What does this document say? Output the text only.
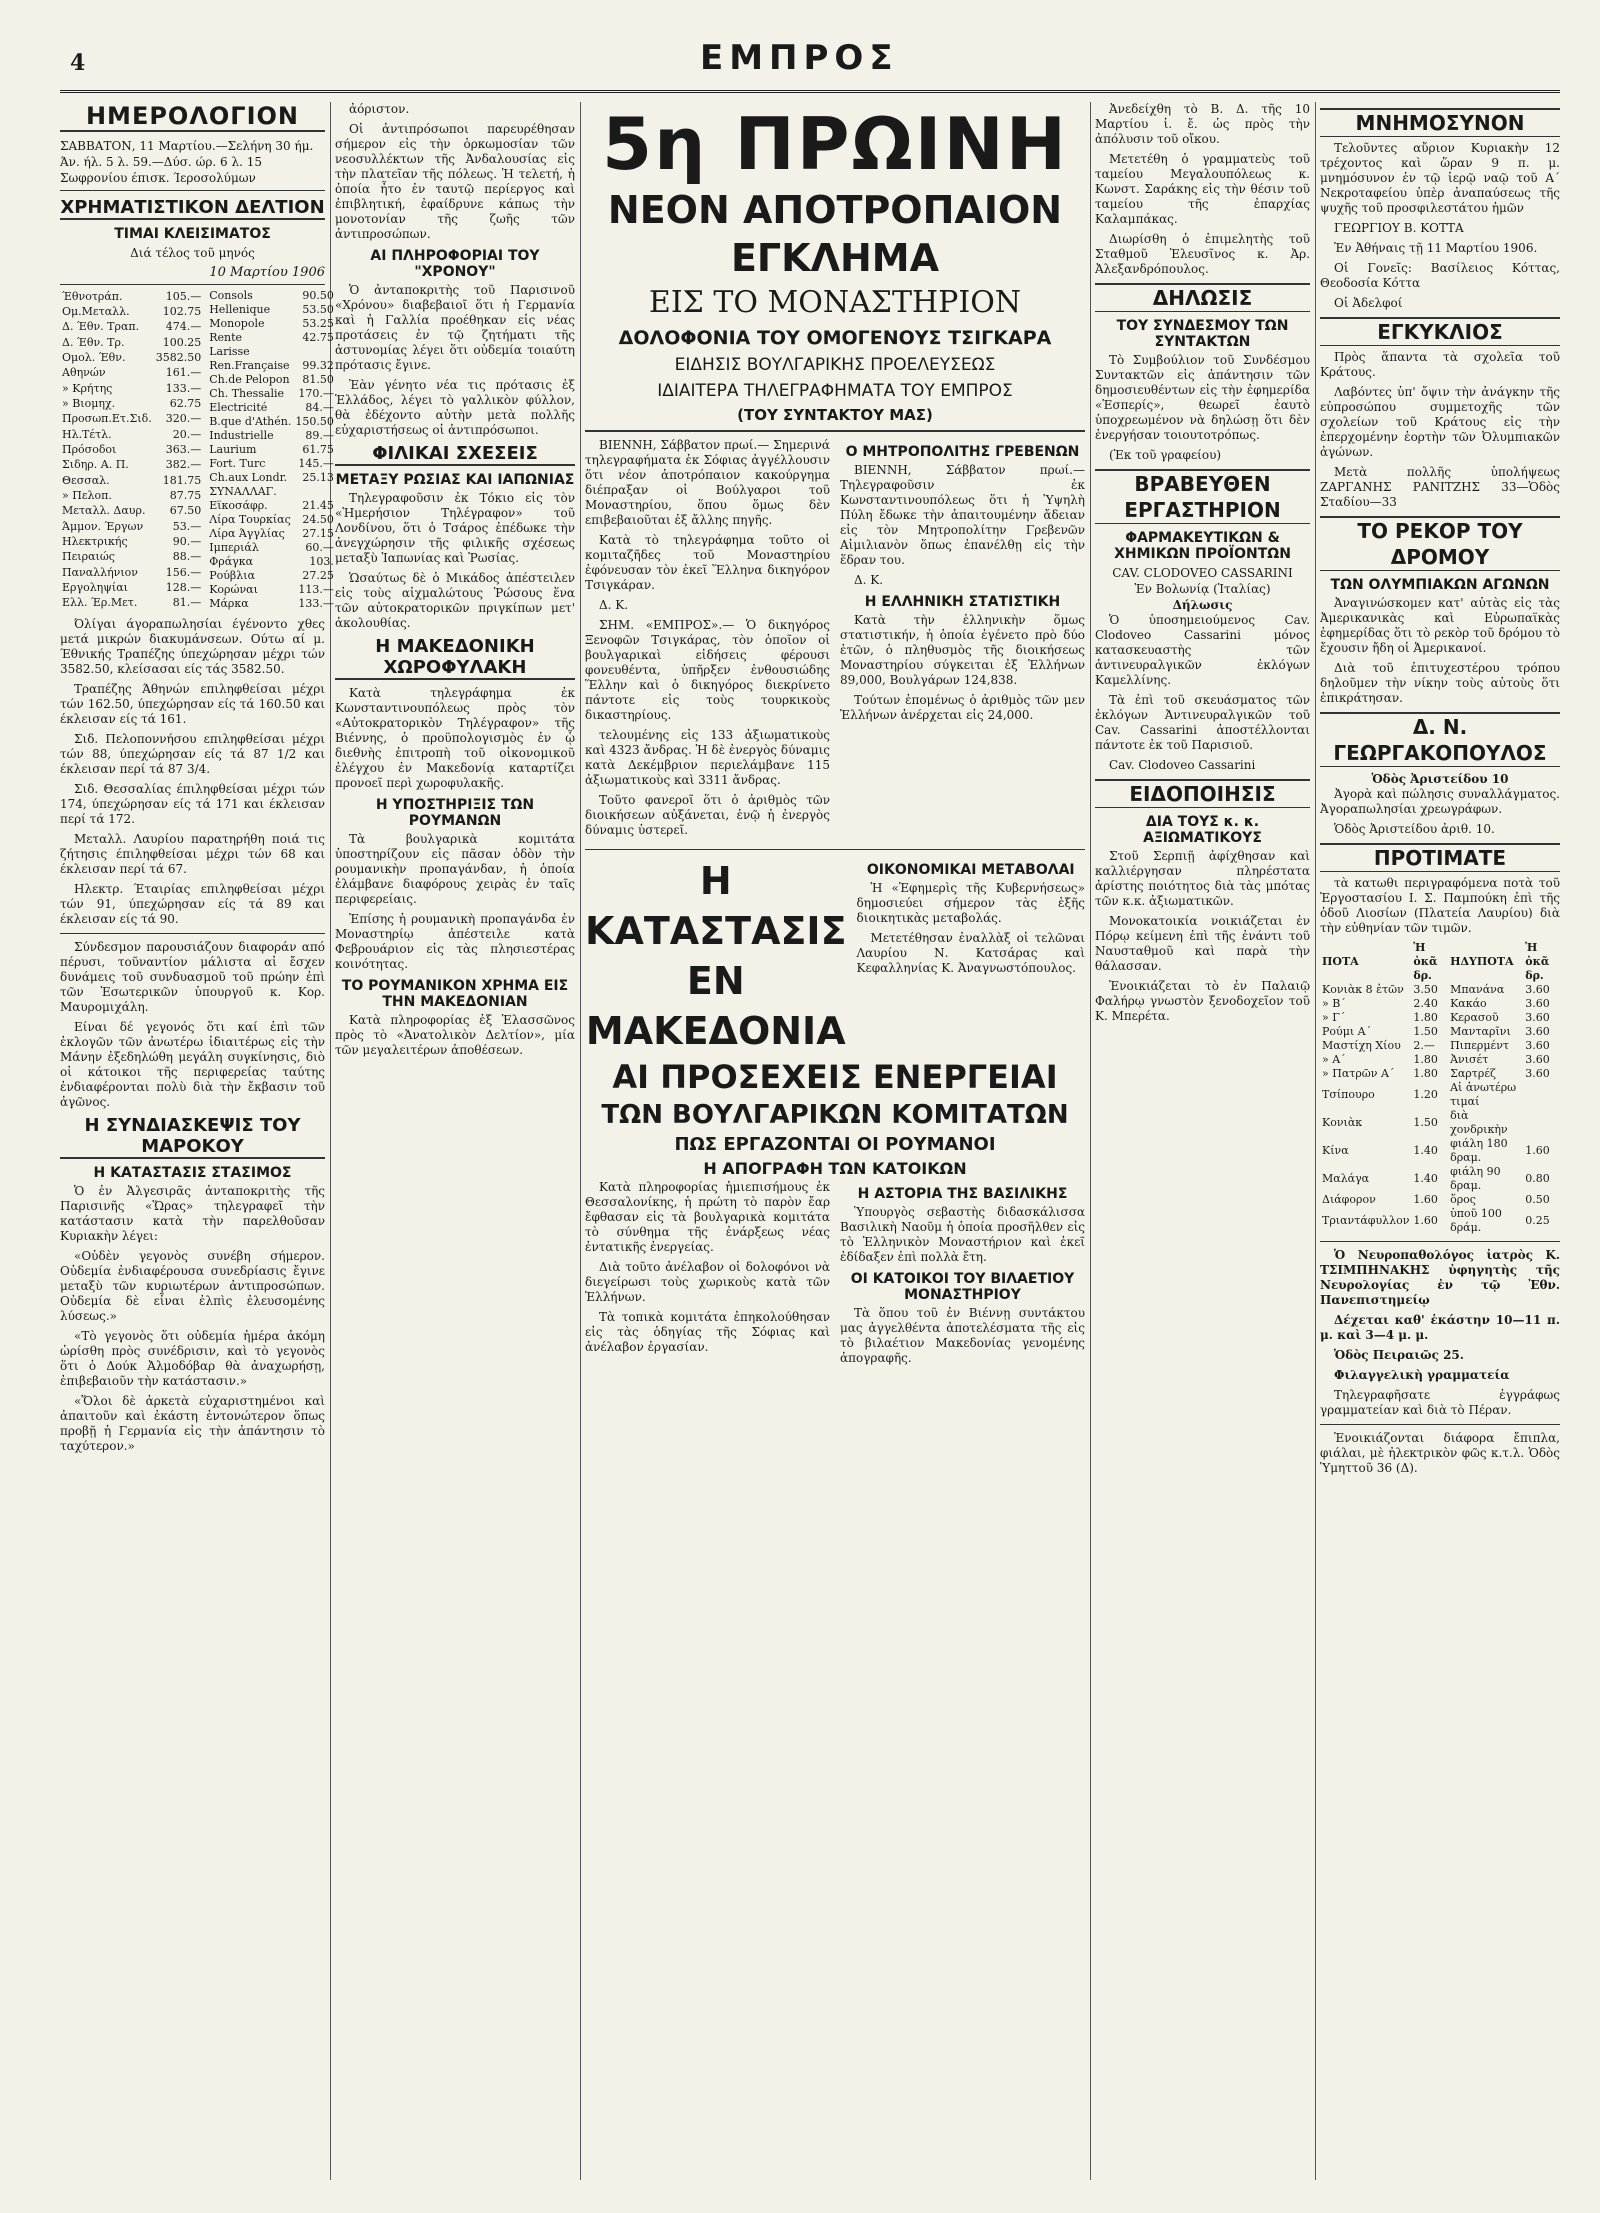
4	ΕΜΠΡΟΣ
ΗΜΕΡΟΛΟΓΙΟΝ
ΣΑΒΒΑΤΟΝ, 11 Μαρτίου.—Σελήνη 30 ήμ.
Άν. ήλ. 5 λ. 59.—Δύσ. ώρ. 6 λ. 15
Σωφρονίου έπισκ. Ίεροσολύμων
ΧΡΗΜΑΤΙΣΤΙΚΟΝ ΔΕΛΤΙΟΝ
ΤΙΜΑΙ ΚΛΕΙΣΙΜΑΤΟΣ
Διά τέλος τοῦ μηνός
10 Μαρτίου 1906
Έθνοτράπ.	105.—
Ομ.Μεταλλ.	102.75
Δ. Έθν. Τραπ.	474.—
Δ. Έθν. Τρ.	100.25
Ομολ. Έθν.	3582.50
Αθηνών	161.—
» Κρήτης	133.—
» Βιομηχ.	62.75
Προσωπ.Ετ.Σιδ.	320.—
Ηλ.Τέτλ.	20.—
Πρόσοδοι	363.—
Σιδηρ. Α. Π.	382.—
Θεσσαλ.	181.75
» Πελοπ.	87.75
Μεταλλ. Δαυρ.	67.50
Άμμον. Έργων	53.—
Ηλεκτρικής	90.—
Πειραιώς	88.—
Παναλλήνιον	156.—
Εργοληψίαι	128.—
Ελλ. Έρ.Μετ.	81.—
Consols	90.50
Hellenique	53.50
Monopole	53.25
Rente	42.75
Larisse	
Ren.Française	99.32
Ch.de Pelopon	81.50
Ch. Thessalie	170.—
Electricité	84.—
B.que d'Athén.	150.50
Industrielle	89.—
Laurium	61.75
Fort. Turc	145.—
Ch.aux Londr.	25.13
ΣΥΝΑΛΛΑΓ.	
Εϊκοσάφρ.	21.45
Λίρα Τουρκίας	24.50
Λίρα Άγγλίας	27.15
Ιμπεριάλ	60.—
Φράγκα	103.
Ρούβλια	27.25
Κορώναι	113.—
Μάρκα	133.—

Όλίγαι άγοραπωλησίαι έγένοντο χθες μετά μικρών διακυμάνσεων. Ούτω αί μ. Έθνικής Τραπέζης ύπεχώρησαν μέχρι τών 3582.50, κλείσασαι είς τάς 3582.50.

Τραπέζης Άθηνών επιληφθείσαι μέχρι τών 162.50, ύπεχώρησαν είς τά 160.50 και έκλεισαν είς τά 161.

Σιδ. Πελοποννήσου επιληφθείσαι μέχρι τών 88, ύπεχώρησαν είς τά 87 1/2 και έκλεισαν περί τά 87 3/4.

Σιδ. Θεσσαλίας έπιληφθείσαι μέχρι τών 174, ύπεχώρησαν είς τά 171 και έκλεισαν περί τά 172.

Μεταλλ. Λαυρίου παρατηρήθη ποιά τις ζήτησις έπιληφθείσαι μέχρι τών 68 και έκλεισαν περί τά 67.

Ηλεκτρ. Έταιρίας επιληφθείσαι μέχρι τών 91, ύπεχώρησαν είς τά 89 και έκλεισαν είς τά 90.

Σύνδεσμον παρουσιάζουν διαφοράν από πέρυσι, τοῦναντίον μάλιστα αἱ ἔσχεν δυνάμεις τοῦ συνδυασμοῦ τοῦ πρώην ἐπὶ τῶν Ἐσωτερικῶν ὑπουργοῦ κ. Κορ. Μαυρομιχάλη.

Είναι δέ γεγονός ὅτι καί ἐπὶ τῶν ἐκλογῶν τῶν ἀνωτέρω ἰδιαιτέρως εἰς τὴν Μάνην ἐξεδηλώθη μεγάλη συγκίνησις, διὸ οἱ κάτοικοι τῆς περιφερείας ταύτης ἐνδιαφέρονται πολὺ διὰ τὴν ἔκβασιν τοῦ ἀγῶνος.

Η ΣΥΝΔΙΑΣΚΕΨΙΣ ΤΟΥ ΜΑΡΟΚΟΥ
Η ΚΑΤΑΣΤΑΣΙΣ ΣΤΑΣΙΜΟΣ

Ὁ ἐν Ἀλγεσιρᾶς ἀνταποκριτὴς τῆς Παρισινῆς «Ὥρας» τηλεγραφεῖ τὴν κατάστασιν κατὰ τὴν παρελθοῦσαν Κυριακὴν λέγει:

«Οὐδὲν γεγονὸς συνέβη σήμερον. Οὐδεμία ἐνδιαφέρουσα συνεδρίασις ἔγινε μεταξὺ τῶν κυριωτέρων ἀντιπροσώπων. Οὐδεμία δὲ εἶναι ἐλπὶς ἐλευσομένης λύσεως.»

«Τὸ γεγονὸς ὅτι οὐδεμία ἡμέρα ἀκόμη ὡρίσθη πρὸς συνέδρισιν, καὶ τὸ γεγονὸς ὅτι ὁ Δούκ Ἀλμοδόβαρ θὰ ἀναχωρήσῃ, ἐπιβεβαιοῦν τὴν κατάστασιν.»

«Ὅλοι δὲ ἀρκετὰ εὐχαριστημένοι καὶ ἀπαιτοῦν καὶ ἐκάστη ἐντονώτερον ὅπως προβῇ ἡ Γερμανία εἰς τὴν ἀπάντησιν τὸ ταχύτερον.»

ἀόριστον.

Οἱ ἀντιπρόσωποι παρευρέθησαν σήμερον εἰς τὴν ὁρκωμοσίαν τῶν νεοσυλλέκτων τῆς Ἀνδαλουσίας εἰς τὴν πλατεῖαν τῆς πόλεως. Ἡ τελετή, ἡ ὁποία ἦτο ἐν ταυτῷ περίεργος καὶ ἐπιβλητική, ἐφαίδρυνε κάπως τὴν μονοτονίαν τῆς ζωῆς τῶν ἀντιπροσώπων.

ΑΙ ΠΛΗΡΟΦΟΡΙΑΙ ΤΟΥ "ΧΡΟΝΟΥ"

Ὁ ἀνταποκριτὴς τοῦ Παρισινοῦ «Χρόνου» διαβεβαιοῖ ὅτι ἡ Γερμανία καὶ ἡ Γαλλία προέθηκαν εἰς νέας προτάσεις ἐν τῷ ζητήματι τῆς ἀστυνομίας λέγει ὅτι οὐδεμία τοιαύτη πρότασις ἔγινε.

Ἐὰν γένητο νέα τις πρότασις ἐξ Ἑλλάδος, λέγει τὸ γαλλικὸν φύλλον, θὰ ἐδέχοντο αὐτὴν μετὰ πολλῆς εὐχαριστήσεως οἱ ἀντιπρόσωποι.

ΦΙΛΙΚΑΙ ΣΧΕΣΕΙΣ
ΜΕΤΑΞΥ ΡΩΣΙΑΣ ΚΑΙ ΙΑΠΩΝΙΑΣ

Τηλεγραφοῦσιν ἐκ Τόκιο εἰς τὸν «Ἡμερήσιον Τηλέγραφον» τοῦ Λονδίνου, ὅτι ὁ Τσάρος ἐπέδωκε τὴν ἀνεγχώρησιν τῆς φιλικῆς σχέσεως μεταξὺ Ἰαπωνίας καὶ Ῥωσίας.

Ὡσαύτως δὲ ὁ Μικάδος ἀπέστειλεν εἰς τοὺς αἰχμαλώτους Ῥώσους ἕνα τῶν αὐτοκρατορικῶν πριγκίπων μετ' ἀκολουθίας.

Η ΜΑΚΕΔΟΝΙΚΗ ΧΩΡΟΦΥΛΑΚΗ

Κατὰ τηλεγράφημα ἐκ Κωνσταντινουπόλεως πρὸς τὸν «Αὐτοκρατορικὸν Τηλέγραφον» τῆς Βιέννης, ὁ προϋπολογισμὸς ἐν ᾧ διεθνὴς ἐπιτροπὴ τοῦ οἰκονομικοῦ ἐλέγχου ἐν Μακεδονίᾳ καταρτίζει προνοεῖ περὶ χωροφυλακῆς.

Η ΥΠΟΣΤΗΡΙΞΙΣ ΤΩΝ ΡΟΥΜΑΝΩΝ

Τὰ βουλγαρικὰ κομιτάτα ὑποστηρίζουν εἰς πᾶσαν ὁδὸν τὴν ρουμανικὴν προπαγάνδαν, ἡ ὁποία ἐλάμβανε διαφόρους χειρὰς ἐν ταῖς περιφερείαις.

Ἐπίσης ἡ ρουμανικὴ προπαγάνδα ἐν Μοναστηρίῳ ἀπέστειλε κατὰ Φεβρουάριον εἰς τὰς πλησιεστέρας κοινότητας.

ΤΟ ΡΟΥΜΑΝΙΚΟΝ ΧΡΗΜΑ ΕΙΣ ΤΗΝ ΜΑΚΕΔΟΝΙΑΝ

Κατὰ πληροφορίας ἐξ Ἑλασσῶνος πρὸς τὸ «Ἀνατολικὸν Δελτίον», μία τῶν μεγαλειτέρων ἀποθέσεων.

5η ΠΡΩΙΝΗ
ΝΕΟΝ ΑΠΟΤΡΟΠΑΙΟΝ ΕΓΚΛΗΜΑ
ΕΙΣ ΤΟ ΜΟΝΑΣΤΗΡΙΟΝ
ΔΟΛΟΦΟΝΙΑ ΤΟΥ ΟΜΟΓΕΝΟΥΣ ΤΣΙΓΚΑΡΑ
ΕΙΔΗΣΙΣ ΒΟΥΛΓΑΡΙΚΗΣ ΠΡΟΕΛΕΥΣΕΩΣ
ΙΔΙΑΙΤΕΡΑ ΤΗΛΕΓΡΑΦΗΜΑΤΑ ΤΟΥ ΕΜΠΡΟΣ
(ΤΟΥ ΣΥΝΤΑΚΤΟΥ ΜΑΣ)

ΒΙΕΝΝΗ, Σάββατον πρωί.— Σημερινά τηλεγραφήματα ἐκ Σόφιας ἀγγέλλουσιν ὅτι νέον ἀποτρόπαιον κακούργημα διέπραξαν οἱ Βούλγαροι τοῦ Μοναστηρίου, ὅπου ὅμως δὲν επιβεβαιοῦται ἐξ ἄλλης πηγῆς.

Κατὰ τὸ τηλεγράφημα τοῦτο οἱ κομιταζῆδες τοῦ Μοναστηρίου ἐφόνευσαν τὸν ἐκεῖ Ἕλληνα δικηγόρον Τσιγκάραν.

Δ. Κ.

ΣΗΜ. «ΕΜΠΡΟΣ».— Ὁ δικηγόρος Ξενοφῶν Τσιγκάρας, τὸν ὁποῖον οἱ βουλγαρικαὶ εἰδήσεις φέρουσι φονευθέντα, ὑπῆρξεν ἐνθουσιώδης Ἕλλην καὶ ὁ δικηγόρος διεκρίνετο πάντοτε εἰς τοὺς τουρκικοὺς δικαστηρίους.

τελουμένης εἰς 133 ἀξιωματικοὺς καὶ 4323 ἄνδρας. Ἡ δὲ ἐνεργὸς δύναμις κατὰ Δεκέμβριον περιελάμβανε 115 ἀξιωματικοὺς καὶ 3311 ἄνδρας.

Τοῦτο φανεροῖ ὅτι ὁ ἀριθμὸς τῶν διοικήσεων αὐξάνεται, ἐνῷ ἡ ἐνεργὸς δύναμις ὑστερεῖ.

Ο ΜΗΤΡΟΠΟΛΙΤΗΣ ΓΡΕΒΕΝΩΝ

ΒΙΕΝΝΗ, Σάββατον πρωί.— Τηλεγραφοῦσιν ἐκ Κωνσταντινουπόλεως ὅτι ἡ Ὑψηλὴ Πύλη ἔδωκε τὴν ἀπαιτουμένην ἄδειαν εἰς τὸν Μητροπολίτην Γρεβενῶν Αἰμιλιανὸν ὅπως ἐπανέλθῃ εἰς τὴν ἕδραν του.

Δ. Κ.

Η ΕΛΛΗΝΙΚΗ ΣΤΑΤΙΣΤΙΚΗ

Κατὰ τὴν ἑλληνικὴν ὅμως στατιστικήν, ἡ ὁποία ἐγένετο πρὸ δύο ἐτῶν, ὁ πληθυσμὸς τῆς διοικήσεως Μοναστηρίου σύγκειται ἐξ Ἑλλήνων 89,000, Βουλγάρων 124,838.

Τούτων ἐπομένως ὁ ἀριθμὸς τῶν μεν Ἑλλήνων ἀνέρχεται εἰς 24,000.

Η ΚΑΤΑΣΤΑΣΙΣ ΕΝ ΜΑΚΕΔΟΝΙΑ
ΟΙΚΟΝΟΜΙΚΑΙ ΜΕΤΑΒΟΛΑΙ

Ἡ «Ἐφημερὶς τῆς Κυβερνήσεως» δημοσιεύει σήμερον τὰς ἑξῆς διοικητικὰς μεταβολάς.

Μετετέθησαν ἐναλλὰξ οἱ τελῶναι Λαυρίου Ν. Κατσάρας καὶ Κεφαλληνίας Κ. Ἀναγνωστόπουλος.

ΑΙ ΠΡΟΣΕΧΕΙΣ ΕΝΕΡΓΕΙΑΙ
ΤΩΝ ΒΟΥΛΓΑΡΙΚΩΝ ΚΟΜΙΤΑΤΩΝ
ΠΩΣ ΕΡΓΑΖΟΝΤΑΙ ΟΙ ΡΟΥΜΑΝΟΙ
Η ΑΠΟΓΡΑΦΗ ΤΩΝ ΚΑΤΟΙΚΩΝ

Κατὰ πληροφορίας ἡμιεπισήμους ἐκ Θεσσαλονίκης, ἡ πρώτη τὸ παρὸν ἔαρ ἔφθασαν εἰς τὰ βουλγαρικὰ κομιτάτα τὸ σύνθημα τῆς ἐνάρξεως νέας ἐντατικῆς ἐνεργείας.

Διὰ τοῦτο ἀνέλαβον οἱ δολοφόνοι νὰ διεγείρωσι τοὺς χωρικοὺς κατὰ τῶν Ἑλλήνων.

Τὰ τοπικὰ κομιτάτα ἐπηκολούθησαν εἰς τὰς ὁδηγίας τῆς Σόφιας καὶ ἀνέλαβον ἐργασίαν.

Η ΑΣΤΟΡΙΑ ΤΗΣ ΒΑΣΙΛΙΚΗΣ

Ὑπουργὸς σεβαστὴς διδασκάλισσα Βασιλικὴ Ναοῦμ ἡ ὁποία προσῆλθεν εἰς τὸ Ἑλληνικὸν Μοναστήριον καὶ ἐκεῖ ἐδίδαξεν ἐπὶ πολλὰ ἔτη.

ΟΙ ΚΑΤΟΙΚΟΙ ΤΟΥ ΒΙΛΑΕΤΙΟΥ ΜΟΝΑΣΤΗΡΙΟΥ

Τὰ ὅπου τοῦ ἐν Βιέννῃ συντάκτου μας ἀγγελθέντα ἀποτελέσματα τῆς εἰς τὸ βιλαέτιον Μακεδονίας γενομένης ἀπογραφῆς.

Ἀνεδείχθη τὸ Β. Δ. τῆς 10 Μαρτίου ἰ. ἔ. ὡς πρὸς τὴν ἀπόλυσιν τοῦ οἴκου.

Μετετέθη ὁ γραμματεὺς τοῦ ταμείου Μεγαλουπόλεως κ. Κωνστ. Σαράκης εἰς τὴν θέσιν τοῦ ταμείου τῆς ἐπαρχίας Καλαμπάκας.

Διωρίσθη ὁ ἐπιμελητὴς τοῦ Σταθμοῦ Ἐλευσῖνος κ. Ἀρ. Ἀλεξανδρόπουλος.

ΔΗΛΩΣΙΣ
ΤΟΥ ΣΥΝΔΕΣΜΟΥ ΤΩΝ ΣΥΝΤΑΚΤΩΝ

Τὸ Συμβούλιον τοῦ Συνδέσμου Συντακτῶν εἰς ἀπάντησιν τῶν δημοσιευθέντων εἰς τὴν ἐφημερίδα «Ἑσπερίς», θεωρεῖ ἑαυτὸ ὑποχρεωμένον νὰ δηλώσῃ ὅτι δὲν ἐνεργήσαν τοιουτοτρόπως.

(Ἐκ τοῦ γραφείου)

ΒΡΑΒΕΥΘΕΝ ΕΡΓΑΣΤΗΡΙΟΝ
ΦΑΡΜΑΚΕΥΤΙΚΩΝ & ΧΗΜΙΚΩΝ ΠΡΟΪΟΝΤΩΝ
CAV. CLODOVEO CASSARINI
Ἐν Βολωνίᾳ (Ἰταλίας)
Δήλωσις

Ὁ ὑποσημειούμενος Cav. Clodoveo Cassarini μόνος κατασκευαστὴς τῶν ἀντινευραλγικῶν ἐκλόγων Καμελλίνης.

Τὰ ἐπὶ τοῦ σκευάσματος τῶν ἐκλόγων Ἀντινευραλγικῶν τοῦ Cav. Cassarini ἀποστέλλονται πάντοτε ἐκ τοῦ Παρισιοῦ.

Cav. Clodoveo Cassarini

ΕΙΔΟΠΟΙΗΣΙΣ
ΔΙΑ ΤΟΥΣ κ. κ. ΑΞΙΩΜΑΤΙΚΟΥΣ

Στοῦ Σερπιῇ ἀφίχθησαν καὶ καλλιέργησαν πληρέστατα ἀρίστης ποιότητος διὰ τὰς μπότας τῶν κ.κ. ἀξιωματικῶν.

Μονοκατοικία νοικιάζεται ἐν Πόρῳ κείμενη ἐπὶ τῆς ἐνάντι τοῦ Ναυσταθμοῦ καὶ παρὰ τὴν θάλασσαν.

Ἐνοικιάζεται τὸ ἐν Παλαιῷ Φαλήρῳ γνωστὸν ξενοδοχεῖον τοῦ Κ. Μπερέτα.

ΜΝΗΜΟΣΥΝΟΝ

Τελοῦντες αὔριον Κυριακὴν 12 τρέχοντος καὶ ὥραν 9 π. μ. μνημόσυνον ἐν τῷ ἱερῷ ναῷ τοῦ Α΄ Νεκροταφείου ὑπὲρ ἀναπαύσεως τῆς ψυχῆς τοῦ προσφιλεστάτου ἡμῶν

ΓΕΩΡΓΙΟΥ Β. ΚΟΤΤΑ

Ἐν Ἀθήναις τῇ 11 Μαρτίου 1906.

Οἱ Γονεῖς: Βασίλειος Κόττας, Θεοδοσία Κόττα

Οἱ Ἀδελφοί

ΕΓΚΥΚΛΙΟΣ

Πρὸς ἅπαντα τὰ σχολεῖα τοῦ Κράτους.

Λαβόντες ὑπ' ὄψιν τὴν ἀνάγκην τῆς εὐπροσώπου συμμετοχῆς τῶν σχολείων τοῦ Κράτους εἰς τὴν ἐπερχομένην ἑορτὴν τῶν Ὀλυμπιακῶν ἀγώνων.

Μετὰ πολλῆς ὑπολήψεως ΖΑΡΓΑΝΗΣ ΡΑΝΙΤΖΗΣ 33—Ὁδὸς Σταδίου—33

ΤΟ ΡΕΚΟΡ ΤΟΥ ΔΡΟΜΟΥ
ΤΩΝ ΟΛΥΜΠΙΑΚΩΝ ΑΓΩΝΩΝ

Ἀναγινώσκομεν κατ' αὐτὰς εἰς τὰς Ἀμερικανικὰς καὶ Εὐρωπαϊκὰς ἐφημερίδας ὅτι τὸ ρεκὸρ τοῦ δρόμου τὸ ἔχουσιν ἤδη οἱ Ἀμερικανοί.

Διὰ τοῦ ἐπιτυχεστέρου τρόπου δηλοῦμεν τὴν νίκην τοὺς αὐτοὺς ὅτι ἐπικράτησαν.

Δ. Ν. ΓΕΩΡΓΑΚΟΠΟΥΛΟΣ
Ὁδὸς Ἀριστείδου 10

Ἀγορὰ καὶ πώλησις συναλλάγματος. Ἀγοραπωλησίαι χρεωγράφων.

Ὁδὸς Ἀριστείδου ἀριθ. 10.

ΠΡΟΤΙΜΑΤΕ

τὰ κατωθι περιγραφόμενα ποτὰ τοῦ Ἐργοστασίου Ι. Σ. Παμπούκη ἐπὶ τῆς ὁδοῦ Λιοσίων (Πλατεία Λαυρίου) διὰ τὴν εὐθηνίαν τῶν τιμῶν.

ΠΟΤΑ	Ἡ ὀκᾶ δρ.	ΗΔΥΠΟΤΑ	Ἡ ὀκᾶ δρ.
Κονιὰκ 8 ἐτῶν	3.50	Μπανάνα	3.60
» Β΄	2.40	Κακάο	3.60
» Γ΄	1.80	Κερασοῦ	3.60
Ρούμι Α΄	1.50	Μανταρῖνι	3.60
Μαστίχη Χίου	2.—	Πιπερμέντ	3.60
» Α΄	1.80	Ἀνισέτ	3.60
» Πατρῶν Α΄	1.80	Σαρτρέζ	3.60
Τσίπουρο	1.20	Αἱ ἀνωτέρω τιμαί	
Κονιὰκ	1.50	διὰ χονδρικὴν	
Κίνα	1.40	φιάλη 180 δραμ.	1.60
Μαλάγα	1.40	φιάλη 90 δραμ.	0.80
Διάφορον	1.60	ὅρος	0.50
Τριαντάφυλλον	1.60	ὑποῦ 100 δράμ.	0.25
Ὁ Νευροπαθολόγος ἰατρὸς Κ. ΤΣΙΜΠΗΝΑΚΗΣ ὑφηγητὴς τῆς Νευρολογίας ἐν τῷ Ἐθν. Πανεπιστημείῳ
Δέχεται καθ' ἑκάστην 10—11 π. μ. καὶ 3—4 μ. μ.
Ὁδὸς Πειραιῶς 25.
Φιλαγγελικὴ γραμματεία

Τηλεγραφῆσατε ἐγγράφως γραμματείαν καὶ διὰ τὸ Πέραν.

Ἐνοικιάζονται διάφορα ἔπιπλα, φιάλαι, μὲ ἠλεκτρικὸν φῶς κ.τ.λ. Ὁδὸς Ὑμηττοῦ 36 (Δ).
